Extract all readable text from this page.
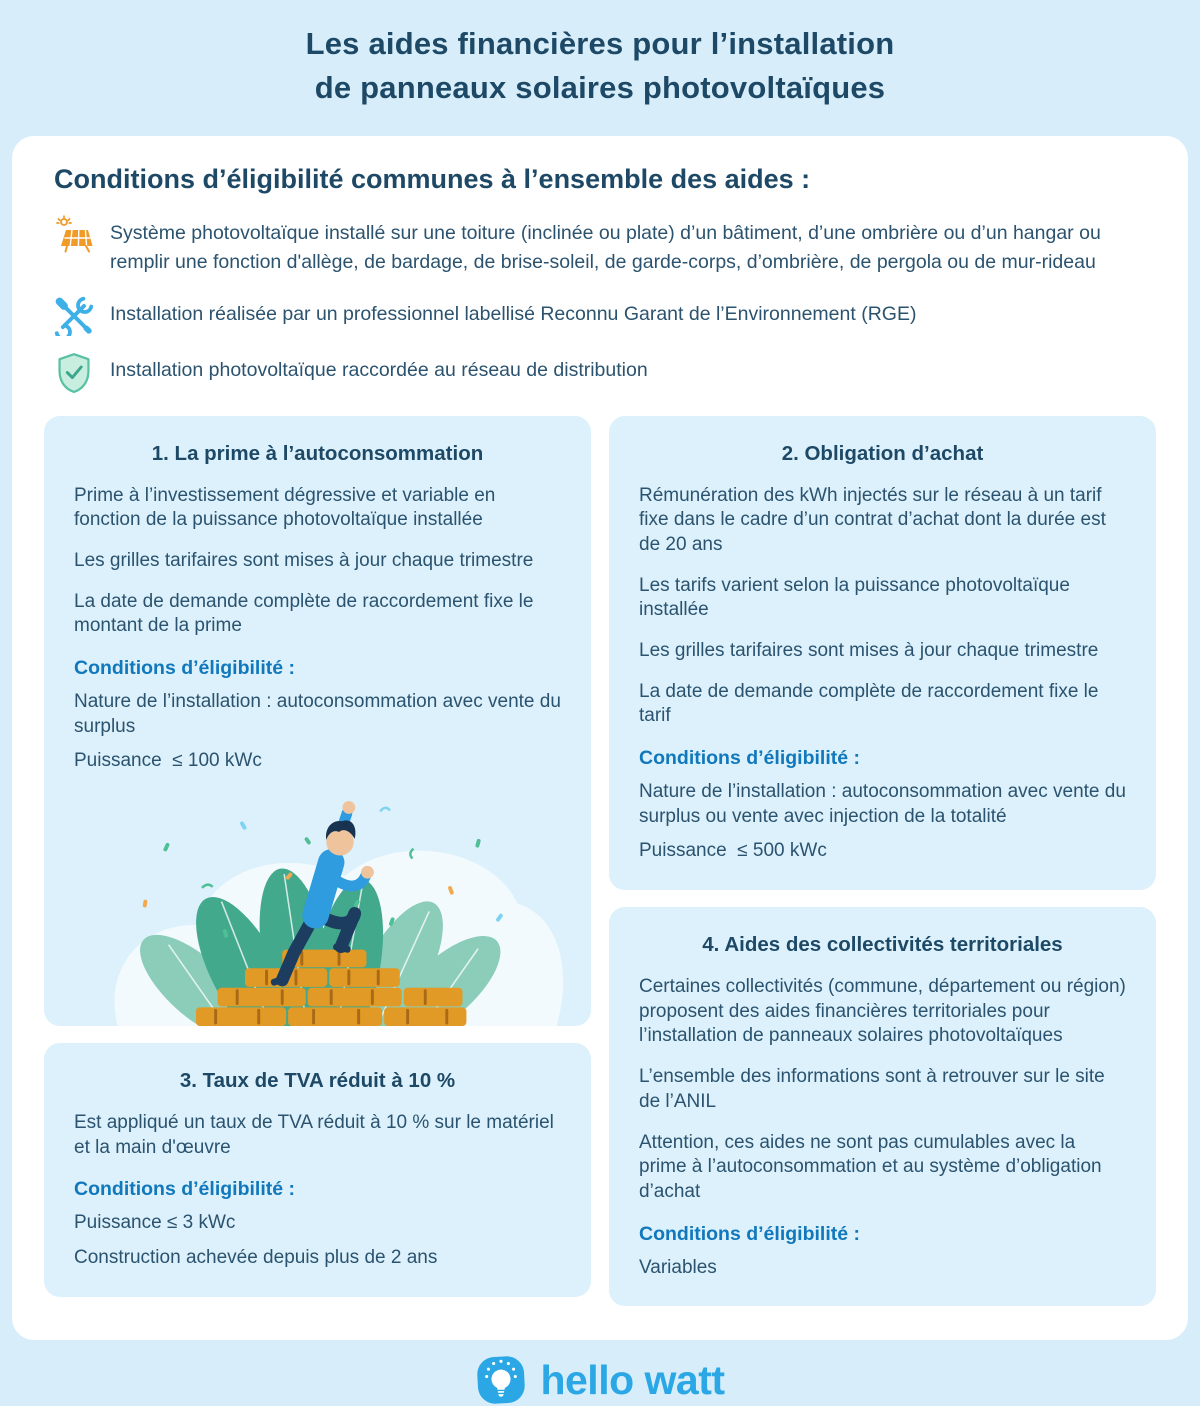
Les aides financières pour l’installation
de panneaux solaires photovoltaïques
Conditions d’éligibilité communes à l’ensemble des aides :

Système photovoltaïque installé sur une toiture (inclinée ou plate) d’un bâtiment, d’une ombrière ou d’un hangar ou remplir une fonction d'allège, de bardage, de brise-soleil, de garde-corps, d’ombrière, de pergola ou de mur-rideau

Installation réalisée par un professionnel labellisé Reconnu Garant de l’Environnement (RGE)

Installation photovoltaïque raccordée au réseau de distribution

1. La prime à l’autoconsommation

Prime à l’investissement dégressive et variable en fonction de la puissance photovoltaïque installée

Les grilles tarifaires sont mises à jour chaque trimestre

La date de demande complète de raccordement fixe le montant de la prime

Conditions d’éligibilité :

Nature de l’installation : autoconsommation avec vente du surplus

Puissance  ≤ 100 kWc

3. Taux de TVA réduit à 10 %

Est appliqué un taux de TVA réduit à 10 % sur le matériel et la main d'œuvre

Conditions d’éligibilité :

Puissance ≤ 3 kWc

Construction achevée depuis plus de 2 ans

2. Obligation d’achat

Rémunération des kWh injectés sur le réseau à un tarif fixe dans le cadre d’un contrat d’achat dont la durée est de 20 ans

Les tarifs varient selon la puissance photovoltaïque installée

Les grilles tarifaires sont mises à jour chaque trimestre

La date de demande complète de raccordement fixe le tarif

Conditions d’éligibilité :

Nature de l’installation : autoconsommation avec vente du surplus ou vente avec injection de la totalité

Puissance  ≤ 500 kWc

4. Aides des collectivités territoriales

Certaines collectivités (commune, département ou région) proposent des aides financières territoriales pour l’installation de panneaux solaires photovoltaïques

L’ensemble des informations sont à retrouver sur le site de l’ANIL

Attention, ces aides ne sont pas cumulables avec la prime à l’autoconsommation et au système d’obligation d’achat

Conditions d’éligibilité :

Variables

hello watt
